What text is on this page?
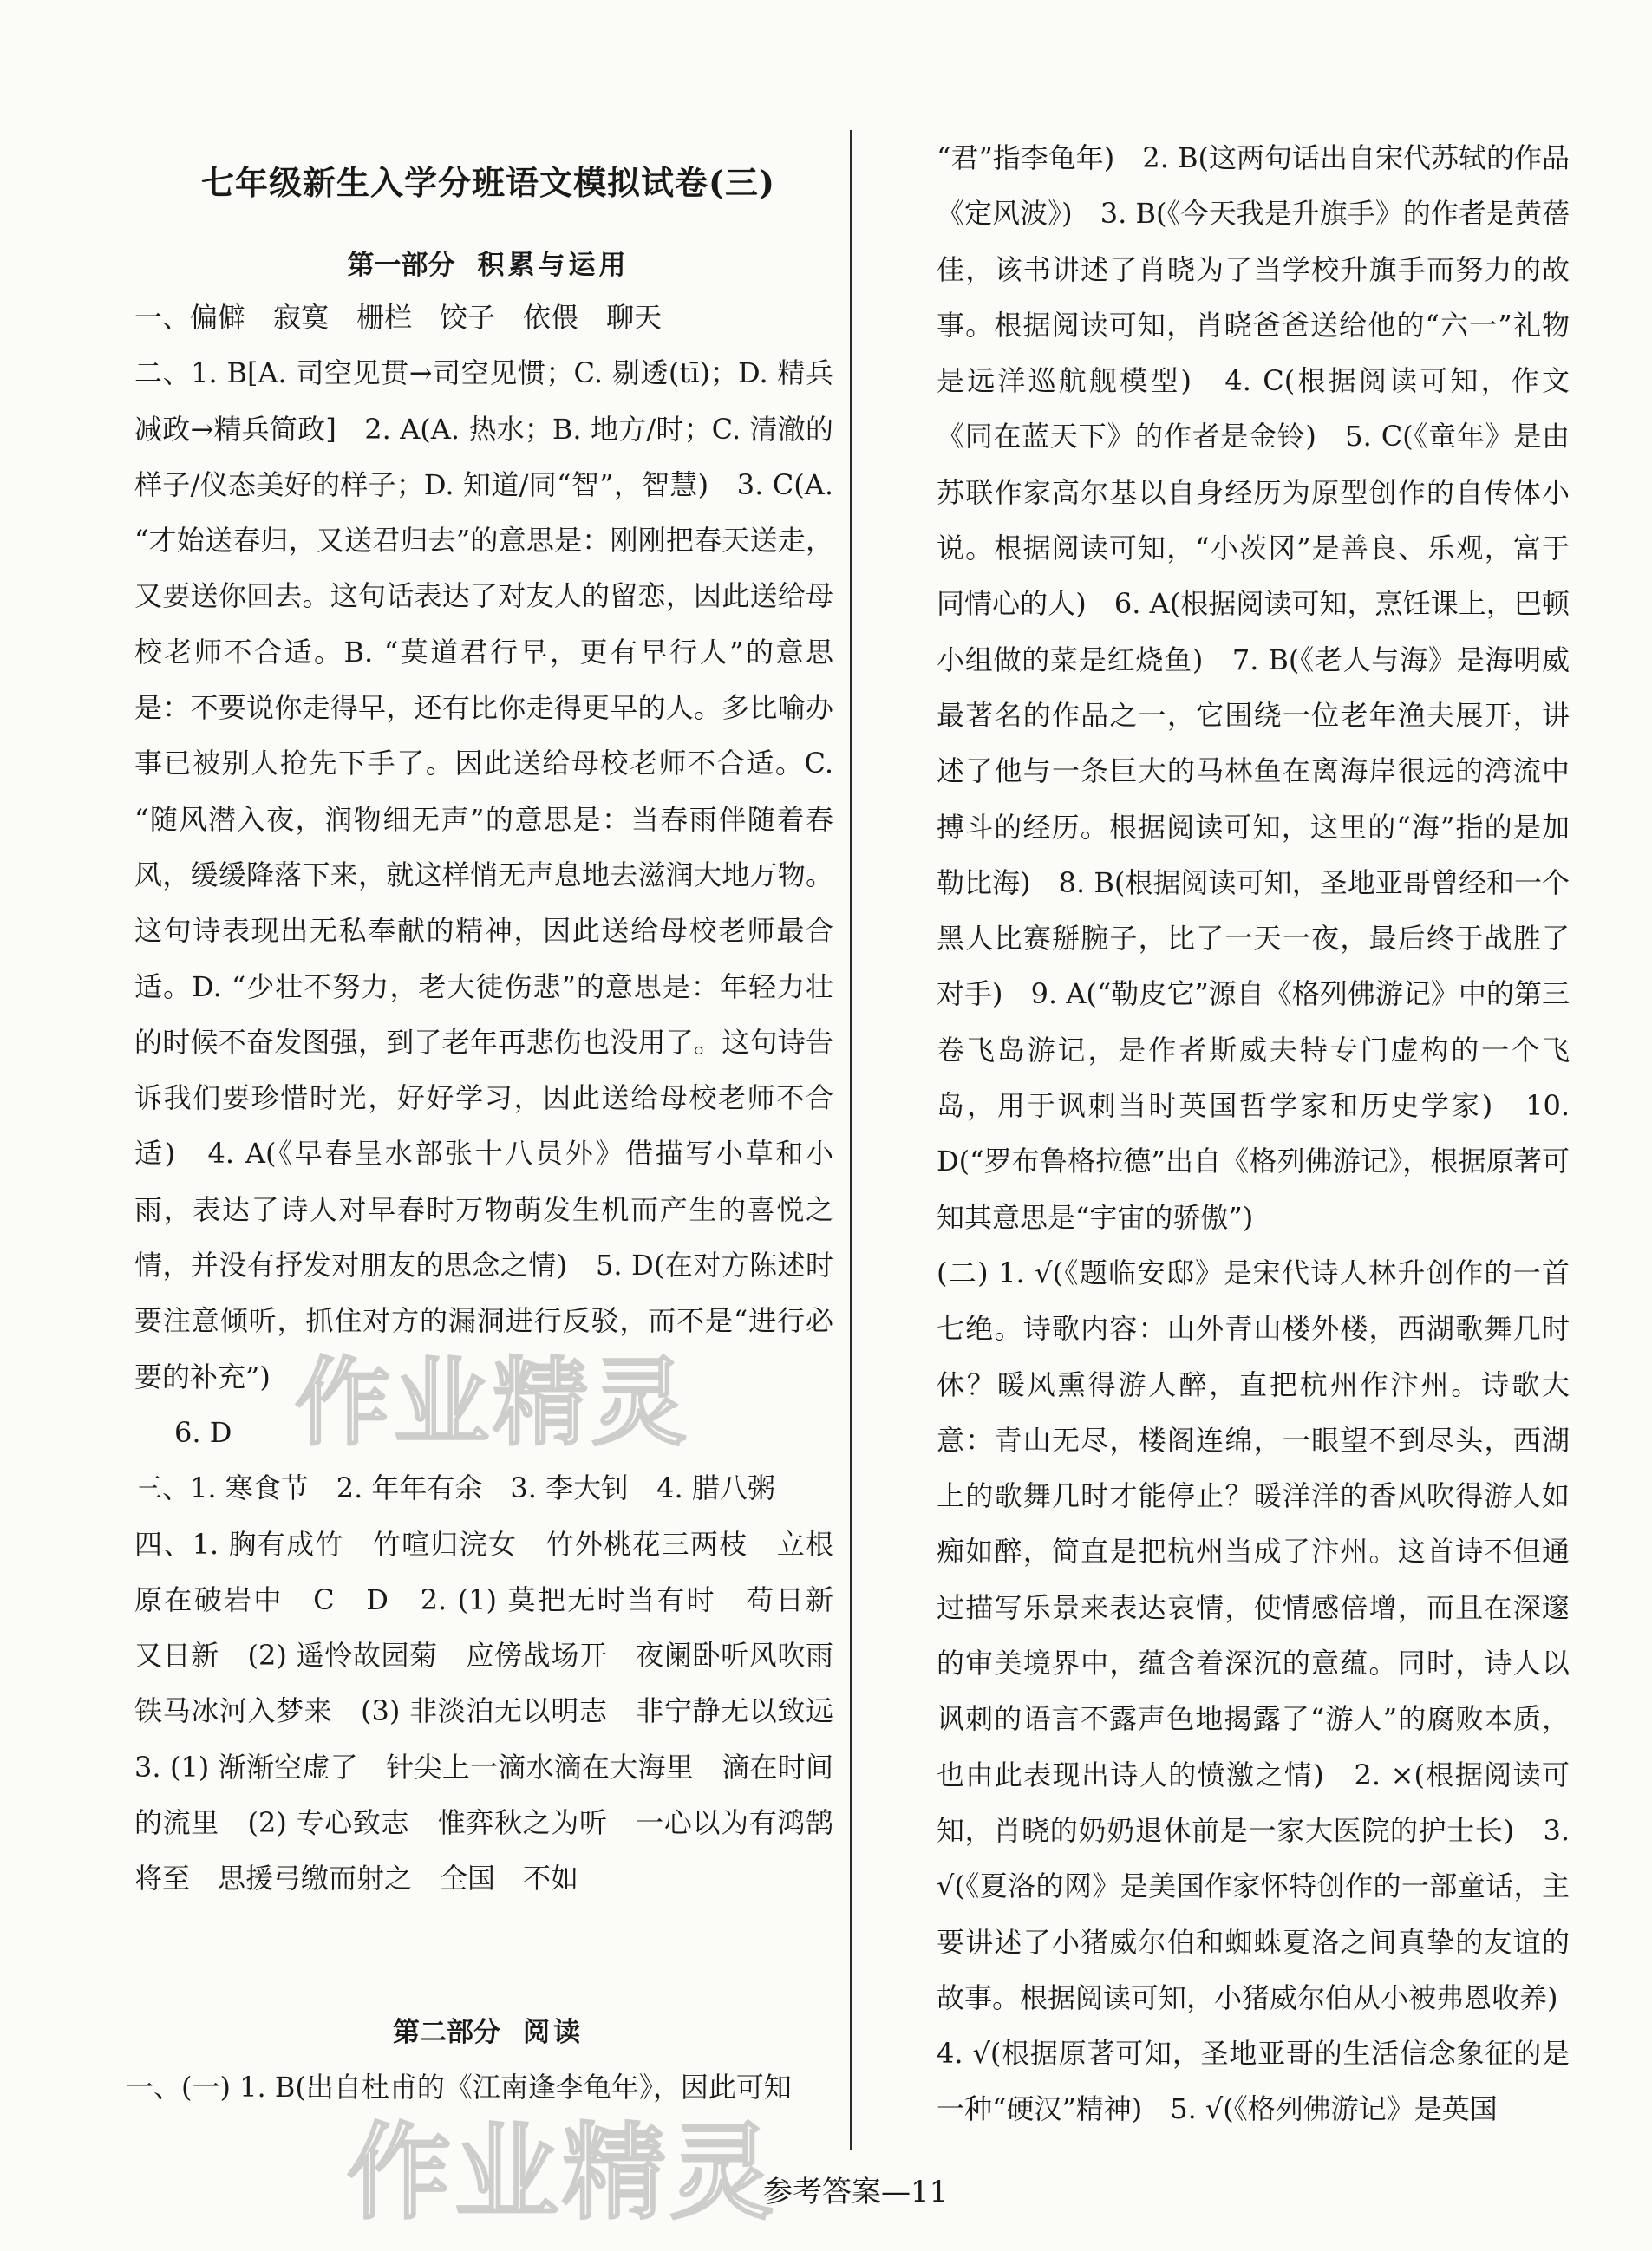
七年级新生入学分班语文模拟试卷(三)
第一部分 积累与运用

一、偏僻　寂寞　栅栏　饺子　依偎　聊天

二、1. B[A. 司空见贯→司空见惯；C. 剔透(tī)；D. 精兵减政→精兵简政]　2. A(A. 热水；B. 地方/时；C. 清澈的样子/仪态美好的样子；D. 知道/同“智”，智慧)　3. C(A. “才始送春归，又送君归去”的意思是：刚刚把春天送走，又要送你回去。这句话表达了对友人的留恋，因此送给母校老师不合适。B. “莫道君行早，更有早行人”的意思是：不要说你走得早，还有比你走得更早的人。多比喻办事已被别人抢先下手了。因此送给母校老师不合适。C. “随风潜入夜，润物细无声”的意思是：当春雨伴随着春风，缓缓降落下来，就这样悄无声息地去滋润大地万物。这句诗表现出无私奉献的精神，因此送给母校老师最合适。D. “少壮不努力，老大徒伤悲”的意思是：年轻力壮的时候不奋发图强，到了老年再悲伤也没用了。这句诗告诉我们要珍惜时光，好好学习，因此送给母校老师不合适)　4. A(《早春呈水部张十八员外》借描写小草和小雨，表达了诗人对早春时万物萌发生机而产生的喜悦之情，并没有抒发对朋友的思念之情)　5. D(在对方陈述时要注意倾听，抓住对方的漏洞进行反驳，而不是“进行必要的补充”)

6. D

三、1. 寒食节　2. 年年有余　3. 李大钊　4. 腊八粥

四、1. 胸有成竹　竹喧归浣女　竹外桃花三两枝　立根原在破岩中　C　D　2. (1) 莫把无时当有时　苟日新　又日新　(2) 遥怜故园菊　应傍战场开　夜阑卧听风吹雨　铁马冰河入梦来　(3) 非淡泊无以明志　非宁静无以致远　3. (1) 渐渐空虚了　针尖上一滴水滴在大海里　滴在时间的流里　(2) 专心致志　惟弈秋之为听　一心以为有鸿鹄将至　思援弓缴而射之　全国　不如

第二部分 阅读

一、(一) 1. B(出自杜甫的《江南逢李龟年》，因此可知

“君”指李龟年)　2. B(这两句话出自宋代苏轼的作品《定风波》)　3. B(《今天我是升旗手》的作者是黄蓓佳，该书讲述了肖晓为了当学校升旗手而努力的故事。根据阅读可知，肖晓爸爸送给他的“六一”礼物是远洋巡航舰模型)　4. C(根据阅读可知，作文《同在蓝天下》的作者是金铃)　5. C(《童年》是由苏联作家高尔基以自身经历为原型创作的自传体小说。根据阅读可知，“小茨冈”是善良、乐观，富于同情心的人)　6. A(根据阅读可知，烹饪课上，巴顿小组做的菜是红烧鱼)　7. B(《老人与海》是海明威最著名的作品之一，它围绕一位老年渔夫展开，讲述了他与一条巨大的马林鱼在离海岸很远的湾流中搏斗的经历。根据阅读可知，这里的“海”指的是加勒比海)　8. B(根据阅读可知，圣地亚哥曾经和一个黑人比赛掰腕子，比了一天一夜，最后终于战胜了对手)　9. A(“勒皮它”源自《格列佛游记》中的第三卷飞岛游记，是作者斯威夫特专门虚构的一个飞岛，用于讽刺当时英国哲学家和历史学家)　10. D(“罗布鲁格拉德”出自《格列佛游记》，根据原著可知其意思是“宇宙的骄傲”)

(二) 1. √(《题临安邸》是宋代诗人林升创作的一首七绝。诗歌内容：山外青山楼外楼，西湖歌舞几时休？暖风熏得游人醉，直把杭州作汴州。诗歌大意：青山无尽，楼阁连绵，一眼望不到尽头，西湖上的歌舞几时才能停止？暖洋洋的香风吹得游人如痴如醉，简直是把杭州当成了汴州。这首诗不但通过描写乐景来表达哀情，使情感倍增，而且在深邃的审美境界中，蕴含着深沉的意蕴。同时，诗人以讽刺的语言不露声色地揭露了“游人”的腐败本质，也由此表现出诗人的愤激之情)　2. ×(根据阅读可知，肖晓的奶奶退休前是一家大医院的护士长)　3. √(《夏洛的网》是美国作家怀特创作的一部童话，主要讲述了小猪威尔伯和蜘蛛夏洛之间真挚的友谊的故事。根据阅读可知，小猪威尔伯从小被弗恩收养)

4. √(根据原著可知，圣地亚哥的生活信念象征的是一种“硬汉”精神)　5. √(《格列佛游记》是英国

参考答案—11
作业精灵
作业精灵
